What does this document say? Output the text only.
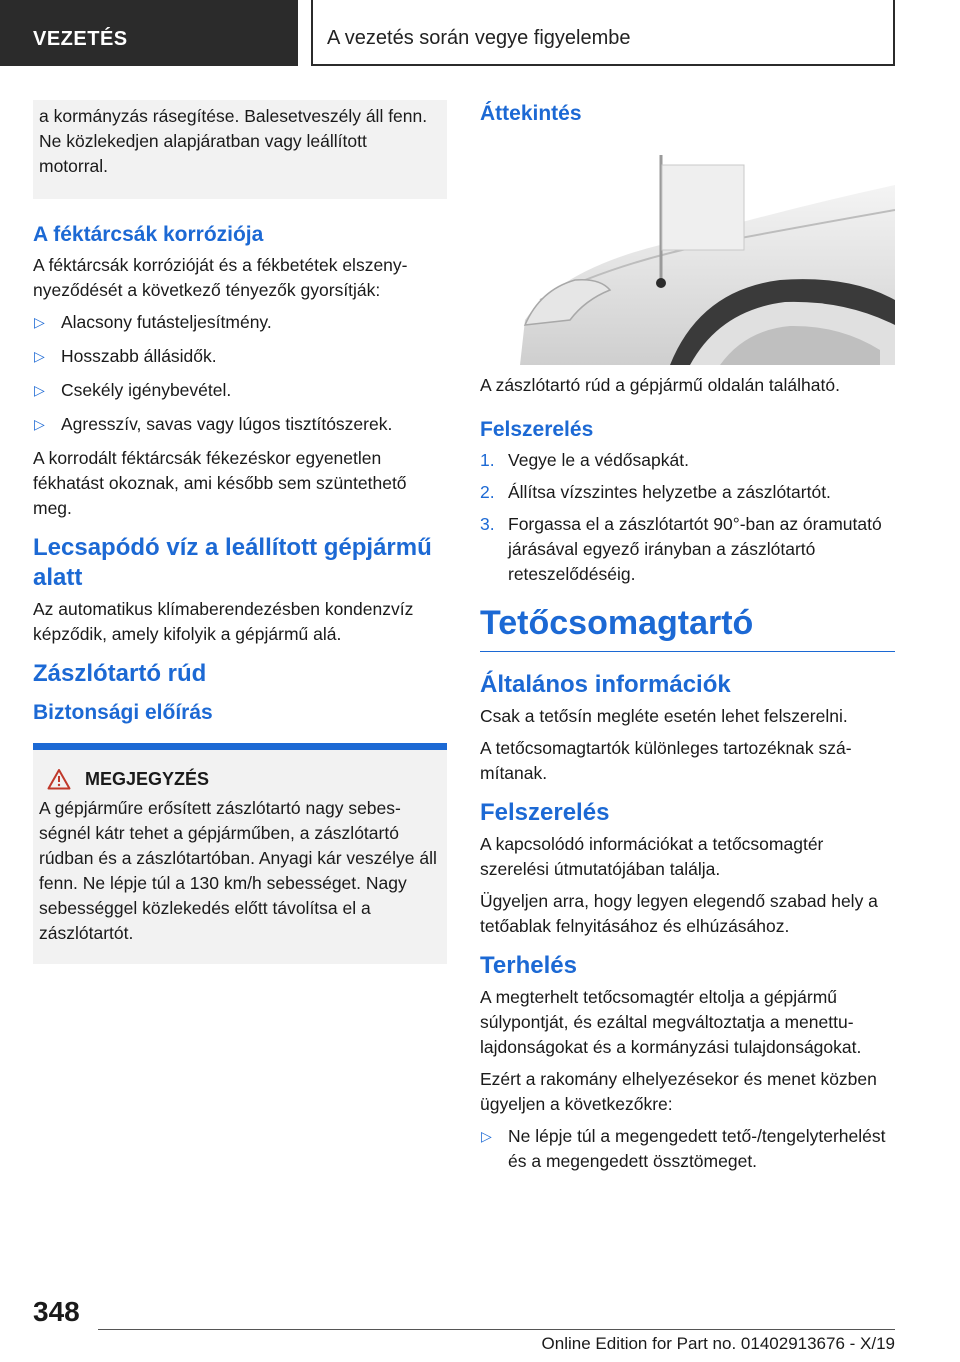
VEZETÉS	A vezetés során vegye figyelembe

a kormányzás rásegítése. Balesetveszély áll fenn. Ne közlekedjen alapjáratban vagy leállított motorral.

A féktárcsák korróziója

A féktárcsák korrózióját és a fékbetétek elszenynyeződését a következő tényezők gyorsítják:

▷ Alacsony futásteljesítmény.
▷ Hosszabb állásidők.
▷ Csekély igénybevétel.
▷ Agresszív, savas vagy lúgos tisztítószerek.

A korrodált féktárcsák fékezéskor egyenetlen fékhatást okoznak, ami később sem szüntethető meg.

Lecsapódó víz a leállított gépjármű alatt

Az automatikus klímaberendezésben kondenzvíz képződik, amely kifolyik a gépjármű alá.

Zászlótartó rúd
Biztonsági előírás
MEGJEGYZÉS

A gépjárműre erősített zászlótartó nagy sebességnél kátr tehet a gépjárműben, a zászlótartó rúdban és a zászlótartóban. Anyagi kár veszélye áll fenn. Ne lépje túl a 130 km/h sebességet. Nagy sebességgel közlekedés előtt távolítsa el a zászlótartót.

Áttekintés
A zászlótartó rúd a gépjármű oldalán található.
Felszerelés
1. Vegye le a védősapkát.
2. Állítsa vízszintes helyzetbe a zászlótartót.
3. Forgassa el a zászlótartót 90°-ban az óramutató járásával egyező irányban a zászlótartó reteszelődéséig.
Tetőcsomagtartó
Általános információk

Csak a tetősín megléte esetén lehet felszerelni.

A tetőcsomagtartók különleges tartozéknak számítanak.

Felszerelés

A kapcsolódó információkat a tetőcsomagtér szerelési útmutatójában találja.

Ügyeljen arra, hogy legyen elegendő szabad hely a tetőablak felnyitásához és elhúzásához.

Terhelés

A megterhelt tetőcsomagtér eltolja a gépjármű súlypontját, és ezáltal megváltoztatja a menettulajdonságokat és a kormányzási tulajdonságokat.

Ezért a rakomány elhelyezésekor és menet közben ügyeljen a következőkre:

▷ Ne lépje túl a megengedett tető-/tengelyterhelést és a megengedett össztömeget.
348
Online Edition for Part no. 01402913676 - X/19
